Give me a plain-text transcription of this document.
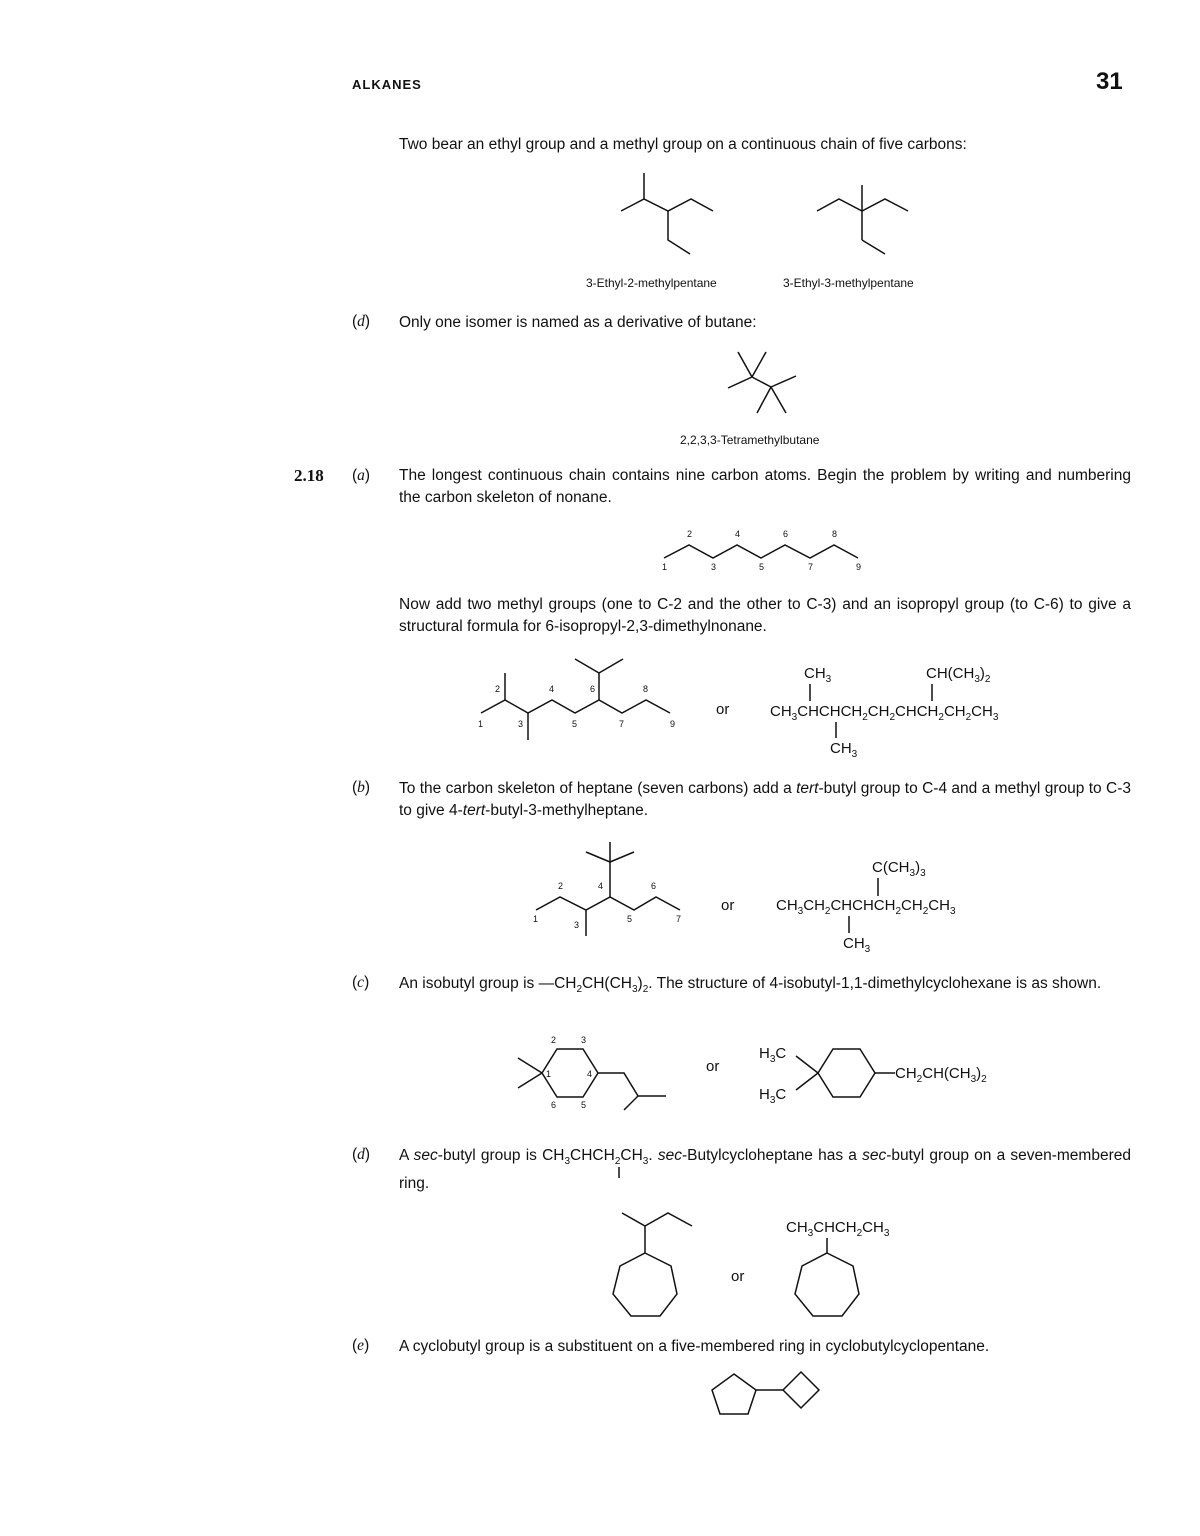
ALKANES	31
Two bear an ethyl group and a methyl group on a continuous chain of five carbons:
3-Ethyl-2-methylpentane	3-Ethyl-3-methylpentane
(d) Only one isomer is named as a derivative of butane:
2,2,3,3-Tetramethylbutane
2.18 (a) The longest continuous chain contains nine carbon atoms. Begin the problem by writing and numbering the carbon skeleton of nonane.
Now add two methyl groups (one to C-2 and the other to C-3) and an isopropyl group (to C-6) to give a structural formula for 6-isopropyl-2,3-dimethylnonane.
(b) To the carbon skeleton of heptane (seven carbons) add a tert-butyl group to C-4 and a methyl group to C-3 to give 4-tert-butyl-3-methylheptane.
(c) An isobutyl group is $—CH_2CH(CH_3)_2$. The structure of 4-isobutyl-1,1-dimethylcyclohexane is as shown.
(d) A sec-butyl group is $CH_3CHCH_2CH_3$. sec-Butylcycloheptane has a sec-butyl group on a seven-membered ring.
(e) A cyclobutyl group is a substituent on a five-membered ring in cyclobutylcyclopentane.
1
2
3
4
5
6
7
8
9
1
2
3
4
5
6
7
8
9
or
$CH_3$	$CH(CH_3)_2$
$CH_3CHCHCH_2CH_2CHCH_2CH_2CH_3$
$CH_3$
1
2
3
4
5
6
7
or
$C(CH_3)_3$
$CH_3CH_2CHCHCH_2CH_2CH_3$
$CH_3$
2	3
1	4
5
6
or
$H_3C$
$H_3C$
$CH_2CH(CH_3)_2$
or
$CH_3CHCH_2CH_3$
